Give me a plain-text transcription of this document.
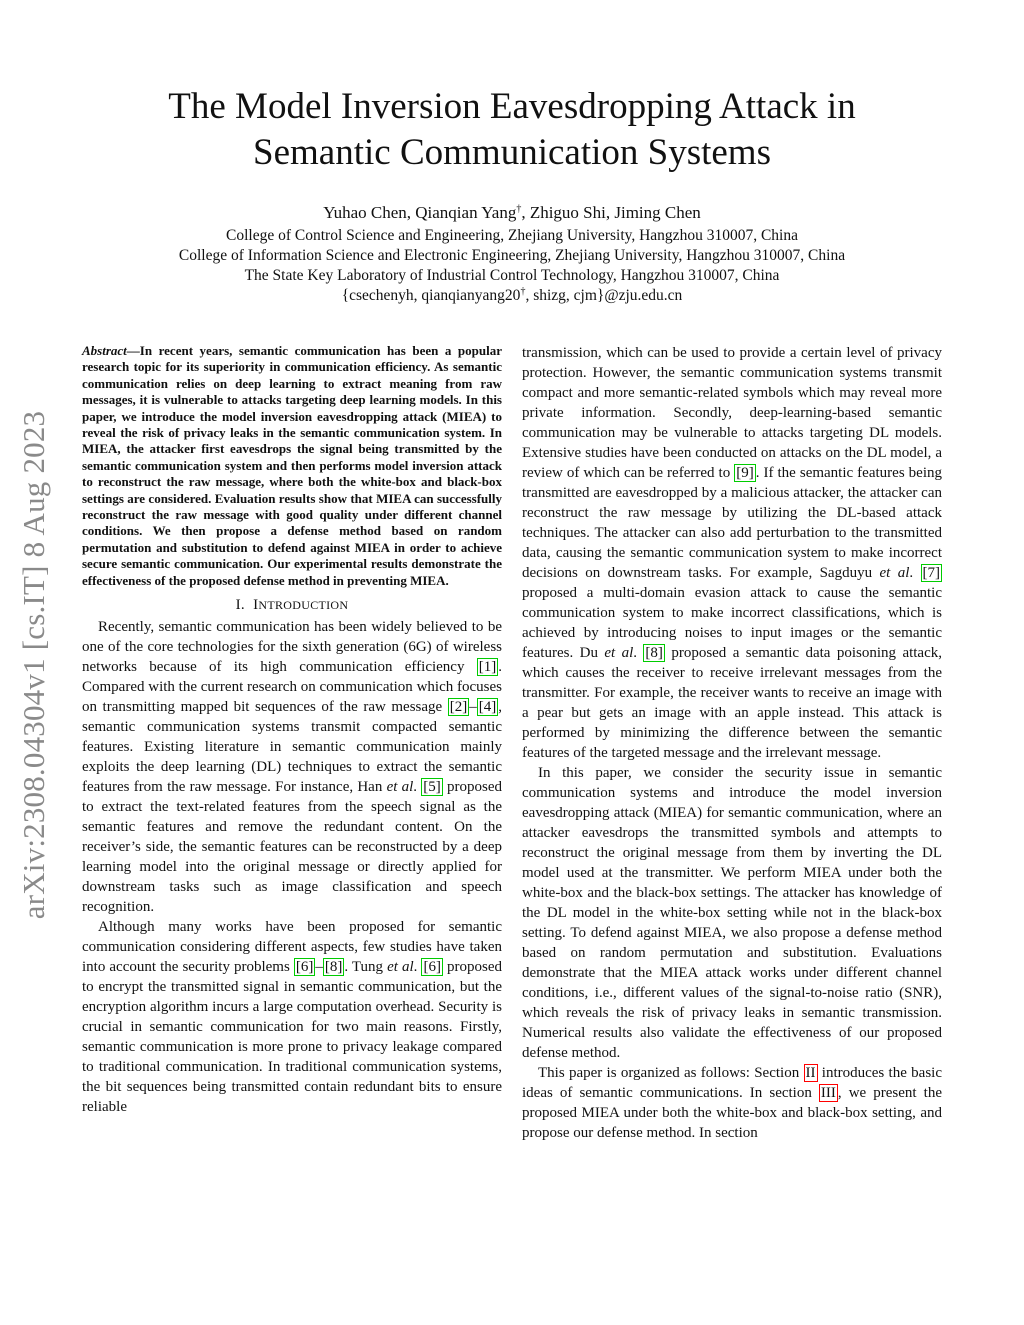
arXiv:2308.04304v1 [cs.IT] 8 Aug 2023
The Model Inversion Eavesdropping Attack in
Semantic Communication Systems
Yuhao Chen, Qianqian Yang†, Zhiguo Shi, Jiming Chen
College of Control Science and Engineering, Zhejiang University, Hangzhou 310007, China
College of Information Science and Electronic Engineering, Zhejiang University, Hangzhou 310007, China
The State Key Laboratory of Industrial Control Technology, Hangzhou 310007, China
{csechenyh, qianqianyang20†, shizg, cjm}@zju.edu.cn

Abstract—In recent years, semantic communication has been a popular research topic for its superiority in communication efficiency. As semantic communication relies on deep learning to extract meaning from raw messages, it is vulnerable to attacks targeting deep learning models. In this paper, we introduce the model inversion eavesdropping attack (MIEA) to reveal the risk of privacy leaks in the semantic communication system. In MIEA, the attacker first eavesdrops the signal being transmitted by the semantic communication system and then performs model inversion attack to reconstruct the raw message, where both the white-box and black-box settings are considered. Evaluation results show that MIEA can successfully reconstruct the raw message with good quality under different channel conditions. We then propose a defense method based on random permutation and substitution to defend against MIEA in order to achieve secure semantic communication. Our experimental results demonstrate the effectiveness of the proposed defense method in preventing MIEA.

I. INTRODUCTION

Recently, semantic communication has been widely believed to be one of the core technologies for the sixth generation (6G) of wireless networks because of its high communication efficiency [1] . Compared with the current research on communication which focuses on transmitting mapped bit sequences of the raw message [2] – [4] , semantic communication systems transmit compacted semantic features. Existing literature in semantic communication mainly exploits the deep learning (DL) techniques to extract the semantic features from the raw message. For instance, Han et al. [5] proposed to extract the text-related features from the speech signal as the semantic features and remove the redundant content. On the receiver’s side, the semantic features can be reconstructed by a deep learning model into the original message or directly applied for downstream tasks such as image classification and speech recognition.

Although many works have been proposed for semantic communication considering different aspects, few studies have taken into account the security problems [6] – [8] . Tung et al. [6] proposed to encrypt the transmitted signal in semantic communication, but the encryption algorithm incurs a large computation overhead. Security is crucial in semantic communication for two main reasons. Firstly, semantic communication is more prone to privacy leakage compared to traditional communication. In traditional communication systems, the bit sequences being transmitted contain redundant bits to ensure reliable

transmission, which can be used to provide a certain level of privacy protection. However, the semantic communication systems transmit compact and more semantic-related symbols which may reveal more private information. Secondly, deep-learning-based semantic communication may be vulnerable to attacks targeting DL models. Extensive studies have been conducted on attacks on the DL model, a review of which can be referred to [9] . If the semantic features being transmitted are eavesdropped by a malicious attacker, the attacker can reconstruct the raw message by utilizing the DL-based attack techniques. The attacker can also add perturbation to the transmitted data, causing the semantic communication system to make incorrect decisions on downstream tasks. For example, Sagduyu et al. [7] proposed a multi-domain evasion attack to cause the semantic communication system to make incorrect classifications, which is achieved by introducing noises to input images or the semantic features. Du et al. [8] proposed a semantic data poisoning attack, which causes the receiver to receive irrelevant messages from the transmitter. For example, the receiver wants to receive an image with a pear but gets an image with an apple instead. This attack is performed by minimizing the difference between the semantic features of the targeted message and the irrelevant message.

In this paper, we consider the security issue in semantic communication systems and introduce the model inversion eavesdropping attack (MIEA) for semantic communication, where an attacker eavesdrops the transmitted symbols and attempts to reconstruct the original message from them by inverting the DL model used at the transmitter. We perform MIEA under both the white-box and the black-box settings. The attacker has knowledge of the DL model in the white-box setting while not in the black-box setting. To defend against MIEA, we also propose a defense method based on random permutation and substitution. Evaluations demonstrate that the MIEA attack works under different channel conditions, i.e., different values of the signal-to-noise ratio (SNR), which reveals the risk of privacy leaks in semantic transmission. Numerical results also validate the effectiveness of our proposed defense method.

This paper is organized as follows: Section II introduces the basic ideas of semantic communications. In section III , we present the proposed MIEA under both the white-box and black-box setting, and propose our defense method. In section
